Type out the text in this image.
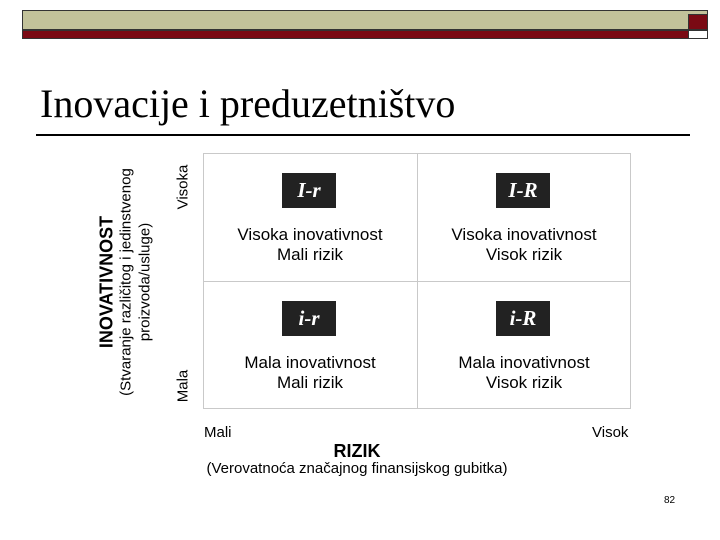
Inovacije i preduzetništvo
I-r
Visoka inovativnost
Mali rizik
I-R
Visoka inovativnost
Visok rizik
i-r
Mala inovativnost
Mali rizik
i-R
Mala inovativnost
Visok rizik
INOVATIVNOST (Stvaranje različitog i jedinstvenog proizvoda/usluge)
Visoka
Mala
Mali	Visok
RIZIK
(Verovatnoća značajnog finansijskog gubitka)
82
